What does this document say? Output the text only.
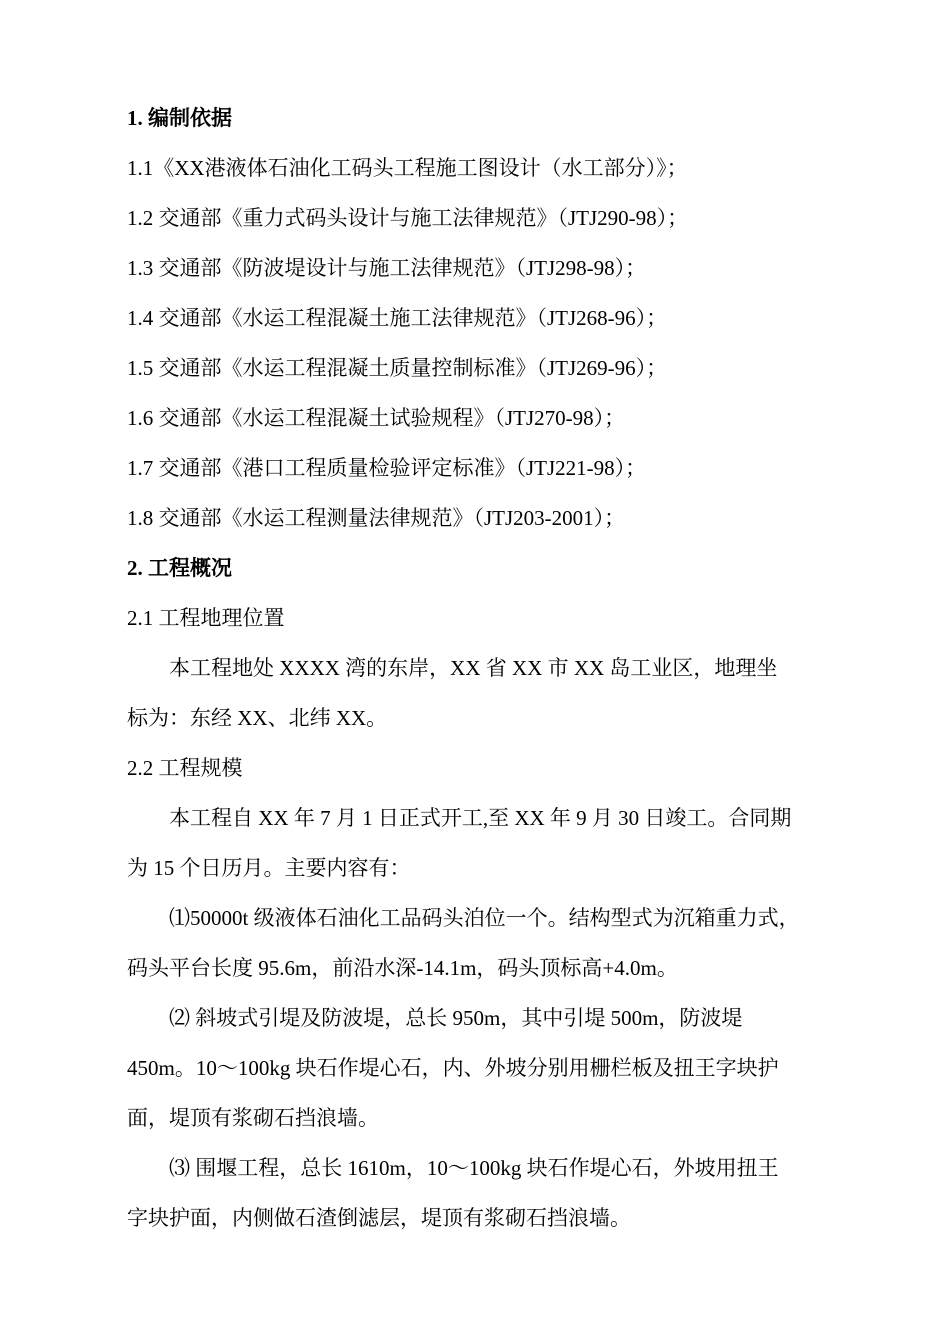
1. 编制依据
1.1《XX港液体石油化工码头工程施工图设计（水工部分）》；
1.2 交通部《重力式码头设计与施工法律规范》（JTJ290-98）；
1.3 交通部《防波堤设计与施工法律规范》（JTJ298-98）；
1.4 交通部《水运工程混凝土施工法律规范》（JTJ268-96）；
1.5 交通部《水运工程混凝土质量控制标准》（JTJ269-96）；
1.6 交通部《水运工程混凝土试验规程》（JTJ270-98）；
1.7 交通部《港口工程质量检验评定标准》（JTJ221-98）；
1.8 交通部《水运工程测量法律规范》（JTJ203-2001）；
2. 工程概况
2.1 工程地理位置
本工程地处 XXXX 湾的东岸，XX 省 XX 市 XX 岛工业区，地理坐
标为：东经 XX、北纬 XX。
2.2 工程规模
本工程自 XX 年 7 月 1 日正式开工,至 XX 年 9 月 30 日竣工。合同期
为 15 个日历月。主要内容有：
⑴50000t 级液体石油化工品码头泊位一个。结构型式为沉箱重力式，
码头平台长度 95.6m，前沿水深-14.1m，码头顶标高+4.0m。
⑵ 斜坡式引堤及防波堤，总长 950m，其中引堤 500m，防波堤
450m。10～100kg 块石作堤心石，内、外坡分别用栅栏板及扭王字块护
面，堤顶有浆砌石挡浪墙。
⑶ 围堰工程，总长 1610m，10～100kg 块石作堤心石，外坡用扭王
字块护面，内侧做石渣倒滤层，堤顶有浆砌石挡浪墙。
